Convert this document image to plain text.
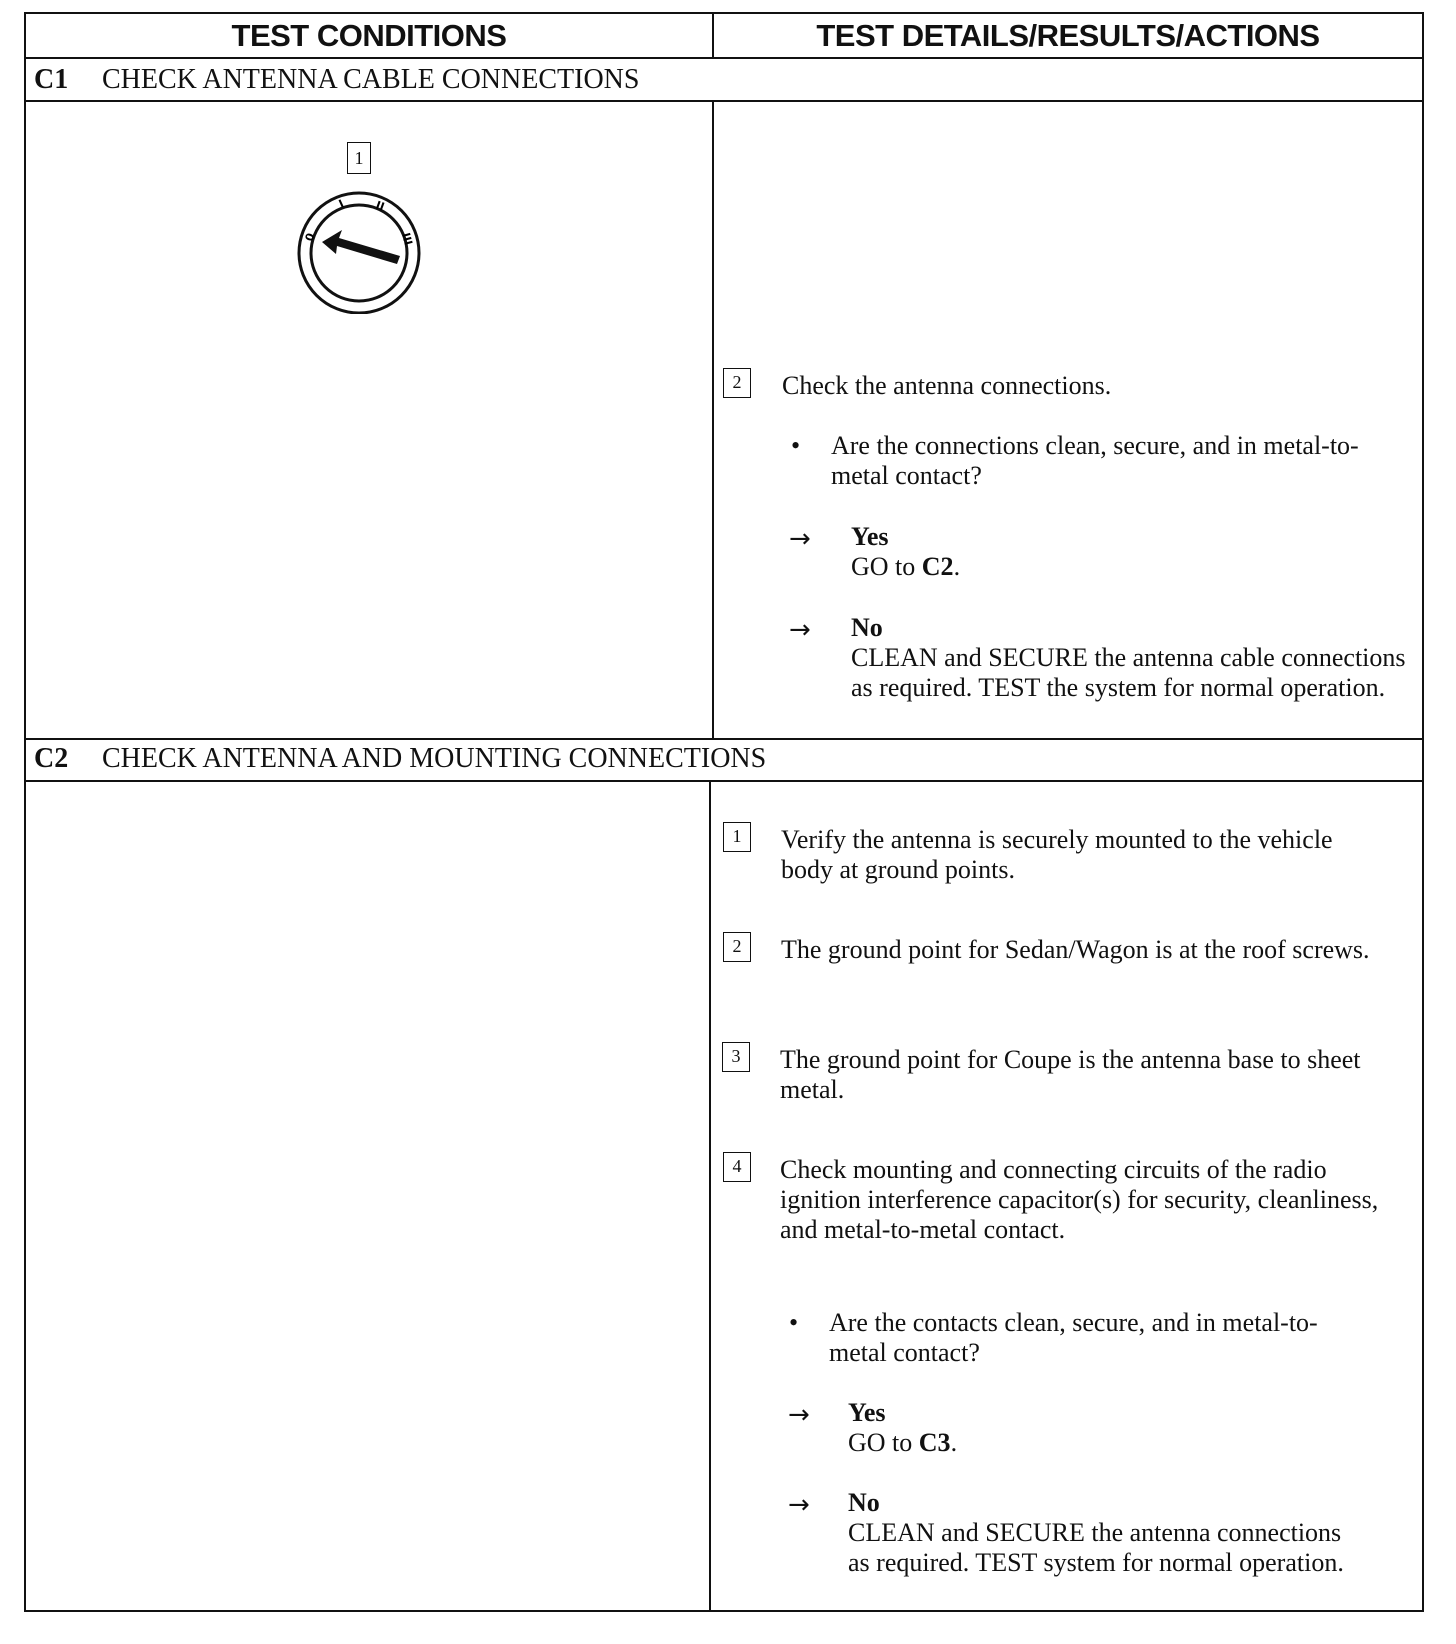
TEST CONDITIONS	TEST DETAILS/RESULTS/ACTIONS
C1 CHECK ANTENNA CABLE CONNECTIONS
1
0
I	II
III
2	Check the antenna connections.
• Are the connections clean, secure, and in metal-to-metal contact?
→ Yes
GO to C2.
→ No
CLEAN and SECURE the antenna cable connections as required. TEST the system for normal operation.
C2 CHECK ANTENNA AND MOUNTING CONNECTIONS
1	Verify the antenna is securely mounted to the vehicle body at ground points.
2	The ground point for Sedan/Wagon is at the roof screws.
3	The ground point for Coupe is the antenna base to sheet metal.
4	Check mounting and connecting circuits of the radio ignition interference capacitor(s) for security, cleanliness, and metal-to-metal contact.
• Are the contacts clean, secure, and in metal-to-metal contact?
→ Yes
GO to C3.
→ No
CLEAN and SECURE the antenna connections as required. TEST system for normal operation.
